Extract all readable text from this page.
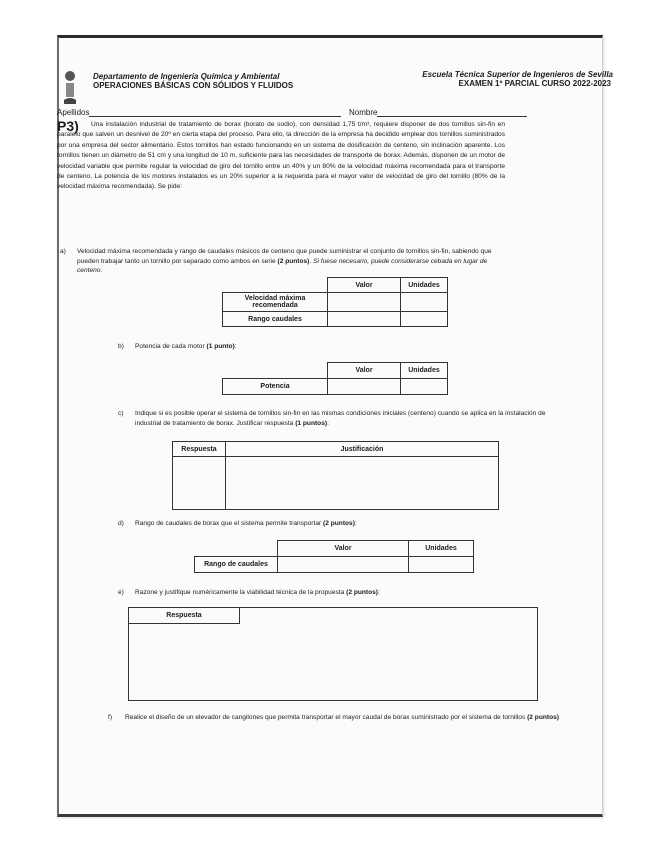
Departamento de Ingeniería Química y Ambiental
OPERACIONES BÁSICAS CON SÓLIDOS Y FLUIDOS
Escuela Técnica Superior de Ingenieros de Sevilla
EXAMEN 1º PARCIAL CURSO 2022-2023
Apellidos	Nombre
P3)	Una instalación industrial de tratamiento de borax (borato de sodio), con densidad 1,75 t/m³, requiere disponer de dos tornillos sin-fin en paralelo que salven un desnivel de 20º en cierta etapa del proceso. Para ello, la dirección de la empresa ha decidido emplear dos tornillos suministrados por una empresa del sector alimentario. Estos tornillos han estado funcionando en un sistema de dosificación de centeno, sin inclinación aparente. Los tornillos tienen un diámetro de 51 cm y una longitud de 10 m, suficiente para las necesidades de transporte de borax. Además, disponen de un motor de velocidad variable que permite regular la velocidad de giro del tornillo entre un 40% y un 80% de la velocidad máxima recomendada para el transporte de centeno. La potencia de los motores instalados es un 20% superior a la requerida para el mayor valor de velocidad de giro del tornillo (80% de la velocidad máxima recomendada). Se pide:
a) Velocidad máxima recomendada y rango de caudales másicos de centeno que puede suministrar el conjunto de tornillos sin-fin, sabiendo que pueden trabajar tanto un tornillo por separado como ambos en serie (2 puntos). Si fuese necesario, puede considerarse cebada en lugar de centeno.
	Valor	Unidades
Velocidad máxima recomendada		
Rango caudales		
b) Potencia de cada motor (1 punto):
	Valor	Unidades
Potencia		
c) Indique si es posible operar el sistema de tornillos sin-fin en las mismas condiciones iniciales (centeno) cuando se aplica en la instalación de industrial de tratamiento de borax. Justificar respuesta (1 puntos):
Respuesta	Justificación

d) Rango de caudales de borax que el sistema permite transportar (2 puntos):
	Valor	Unidades
Rango de caudales		
e) Razone y justifique numéricamente la viabilidad técnica de la propuesta (2 puntos):
Respuesta
f) Realice el diseño de un elevador de cangilones que permita transportar el mayor caudal de borax suministrado por el sistema de tornillos (2 puntos)
